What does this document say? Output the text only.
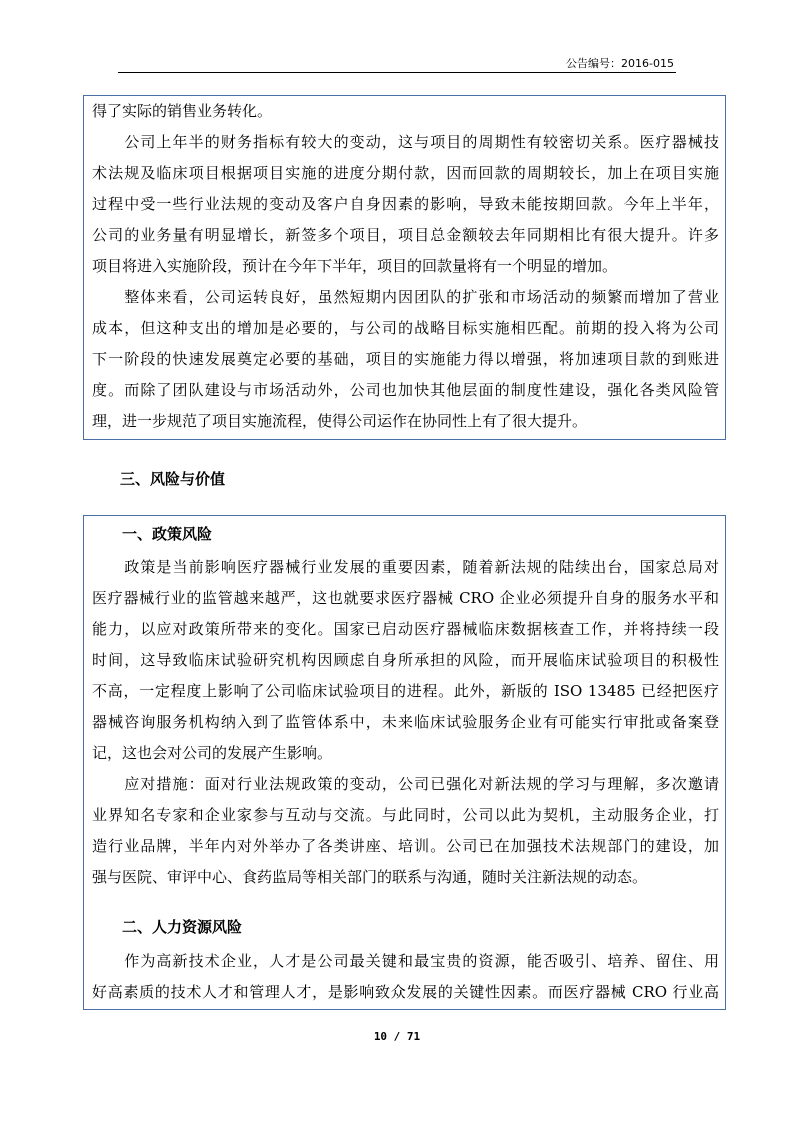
公告编号：2016-015
得了实际的销售业务转化。
　　公司上年半的财务指标有较大的变动，这与项目的周期性有较密切关系。医疗器械技
术法规及临床项目根据项目实施的进度分期付款，因而回款的周期较长，加上在项目实施
过程中受一些行业法规的变动及客户自身因素的影响，导致未能按期回款。今年上半年，
公司的业务量有明显增长，新签多个项目，项目总金额较去年同期相比有很大提升。许多
项目将进入实施阶段，预计在今年下半年，项目的回款量将有一个明显的增加。
　　整体来看，公司运转良好，虽然短期内因团队的扩张和市场活动的频繁而增加了营业
成本，但这种支出的增加是必要的，与公司的战略目标实施相匹配。前期的投入将为公司
下一阶段的快速发展奠定必要的基础，项目的实施能力得以增强，将加速项目款的到账进
度。而除了团队建设与市场活动外，公司也加快其他层面的制度性建设，强化各类风险管
理，进一步规范了项目实施流程，使得公司运作在协同性上有了很大提升。
三、风险与价值
一、政策风险
　　政策是当前影响医疗器械行业发展的重要因素，随着新法规的陆续出台，国家总局对
医疗器械行业的监管越来越严，这也就要求医疗器械 CRO 企业必须提升自身的服务水平和
能力，以应对政策所带来的变化。国家已启动医疗器械临床数据核查工作，并将持续一段
时间，这导致临床试验研究机构因顾虑自身所承担的风险，而开展临床试验项目的积极性
不高，一定程度上影响了公司临床试验项目的进程。此外，新版的 ISO 13485 已经把医疗
器械咨询服务机构纳入到了监管体系中，未来临床试验服务企业有可能实行审批或备案登
记，这也会对公司的发展产生影响。
　　应对措施：面对行业法规政策的变动，公司已强化对新法规的学习与理解，多次邀请
业界知名专家和企业家参与互动与交流。与此同时，公司以此为契机，主动服务企业，打
造行业品牌，半年内对外举办了各类讲座、培训。公司已在加强技术法规部门的建设，加
强与医院、审评中心、食药监局等相关部门的联系与沟通，随时关注新法规的动态。
二、人力资源风险
　　作为高新技术企业，人才是公司最关键和最宝贵的资源，能否吸引、培养、留住、用
好高素质的技术人才和管理人才，是影响致众发展的关键性因素。而医疗器械 CRO 行业高
10 / 71
